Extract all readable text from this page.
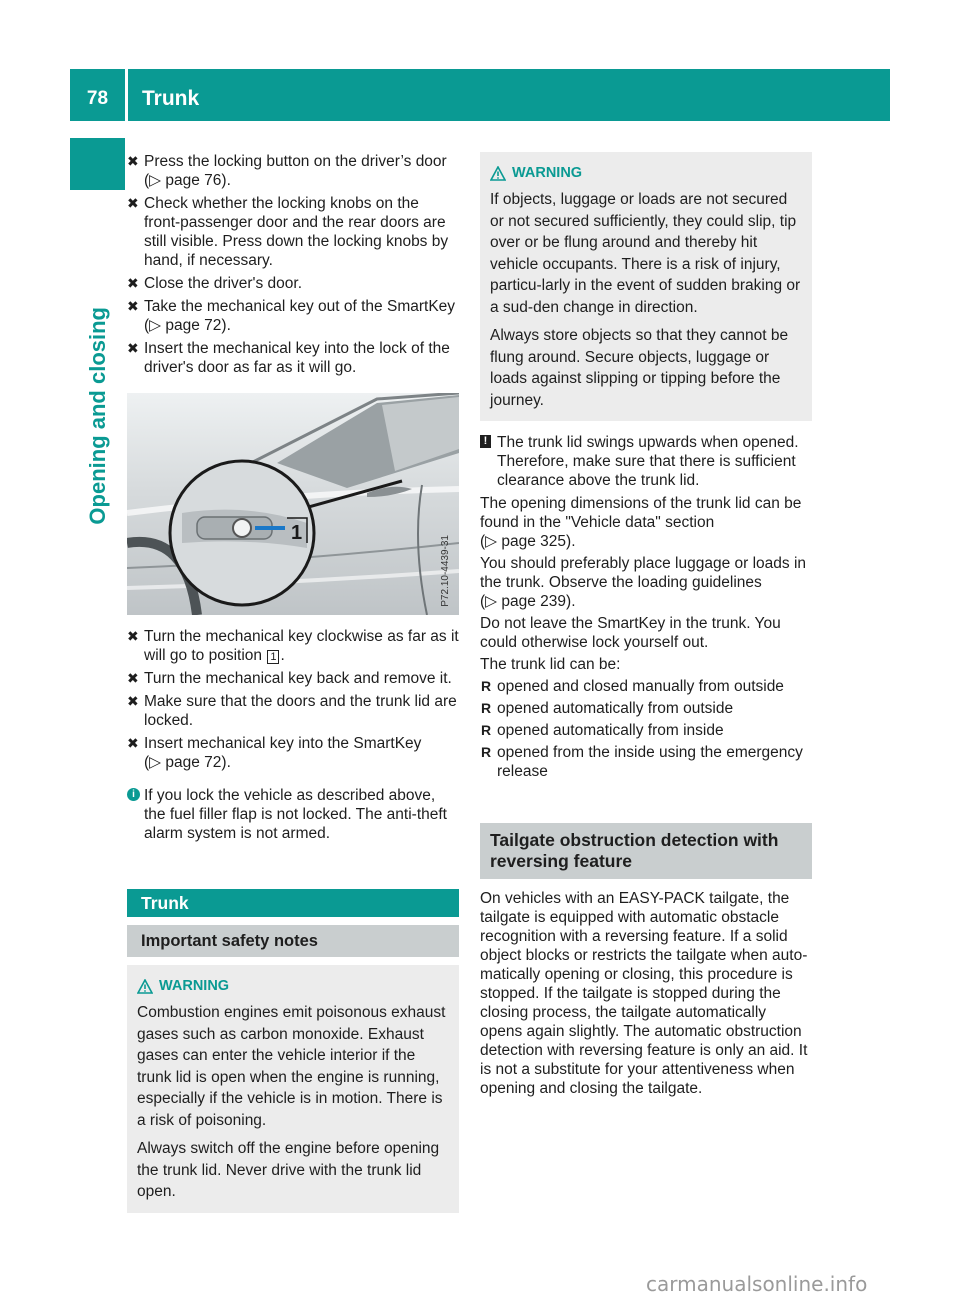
78	Trunk
Opening and closing
✖ Press the locking button on the driver’s door
(▷ page 76).
✖ Check whether the locking knobs on the front-passenger door and the rear doors are still visible. Press down the locking knobs by hand, if necessary.
✖ Close the driver's door.
✖ Take the mechanical key out of the SmartKey
(▷ page 72).
✖ Insert the mechanical key into the lock of the driver's door as far as it will go.
1
P72.10-4439-31
✖ Turn the mechanical key clockwise as far as it will go to position 1 .
✖ Turn the mechanical key back and remove it.
✖ Make sure that the doors and the trunk lid are locked.
✖ Insert mechanical key into the SmartKey
(▷ page 72).
i If you lock the vehicle as described above, the fuel filler flap is not locked. The anti-theft alarm system is not armed.
Trunk
Important safety notes
WARNING

Combustion engines emit poisonous exhaust gases such as carbon monoxide. Exhaust gases can enter the vehicle interior if the trunk lid is open when the engine is running, especially if the vehicle is in motion. There is a risk of poisoning.

Always switch off the engine before opening the trunk lid. Never drive with the trunk lid open.

WARNING

If objects, luggage or loads are not secured or not secured sufficiently, they could slip, tip over or be flung around and thereby hit vehicle occupants. There is a risk of injury, particu-larly in the event of sudden braking or a sud-den change in direction.

Always store objects so that they cannot be flung around. Secure objects, luggage or loads against slipping or tipping before the journey.

! The trunk lid swings upwards when opened. Therefore, make sure that there is sufficient clearance above the trunk lid.

The opening dimensions of the trunk lid can be found in the "Vehicle data" section
(▷ page 325).

You should preferably place luggage or loads in the trunk. Observe the loading guidelines
(▷ page 239).

Do not leave the SmartKey in the trunk. You could otherwise lock yourself out.

The trunk lid can be:

R opened and closed manually from outside
R opened automatically from outside
R opened automatically from inside
R opened from the inside using the emergency release
Tailgate obstruction detection with reversing feature

On vehicles with an EASY-PACK tailgate, the tailgate is equipped with automatic obstacle recognition with a reversing feature. If a solid object blocks or restricts the tailgate when auto-matically opening or closing, this procedure is stopped. If the tailgate is stopped during the closing process, the tailgate automatically opens again slightly. The automatic obstruction detection with reversing feature is only an aid. It is not a substitute for your attentiveness when opening and closing the tailgate.

carmanualsonline.info
